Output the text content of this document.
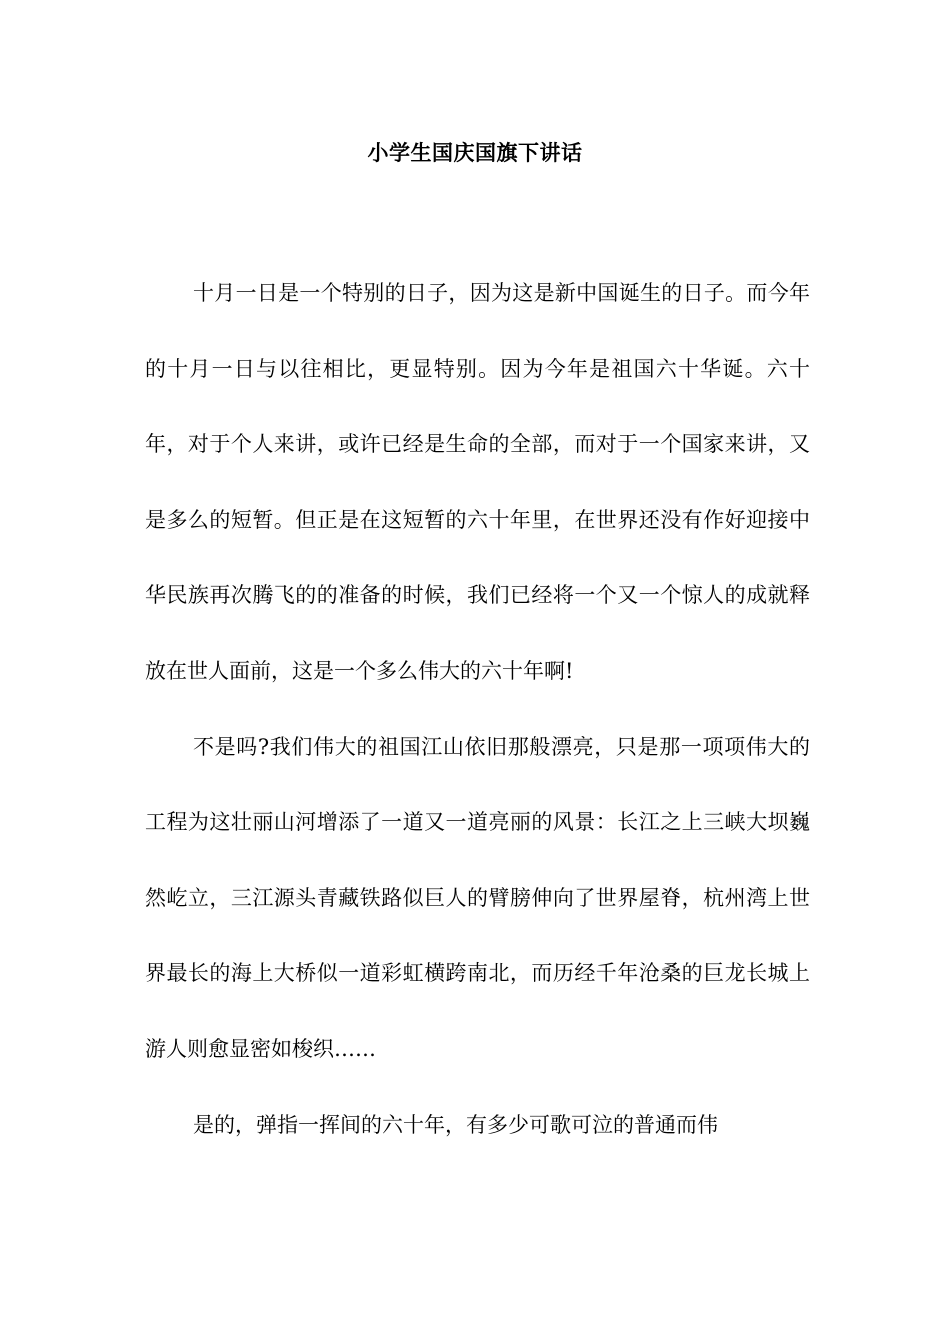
小学生国庆国旗下讲话

十月一日是一个特别的日子，因为这是新中国诞生的日子。而今年的十月一日与以往相比，更显特别。因为今年是祖国六十华诞。六十年，对于个人来讲，或许已经是生命的全部，而对于一个国家来讲，又是多么的短暂。但正是在这短暂的六十年里，在世界还没有作好迎接中华民族再次腾飞的的准备的时候，我们已经将一个又一个惊人的成就释放在世人面前，这是一个多么伟大的六十年啊!

不是吗?我们伟大的祖国江山依旧那般漂亮，只是那一项项伟大的工程为这壮丽山河增添了一道又一道亮丽的风景：长江之上三峡大坝巍然屹立，三江源头青藏铁路似巨人的臂膀伸向了世界屋脊，杭州湾上世界最长的海上大桥似一道彩虹横跨南北，而历经千年沧桑的巨龙长城上游人则愈显密如梭织……

是的，弹指一挥间的六十年，有多少可歌可泣的普通而伟
